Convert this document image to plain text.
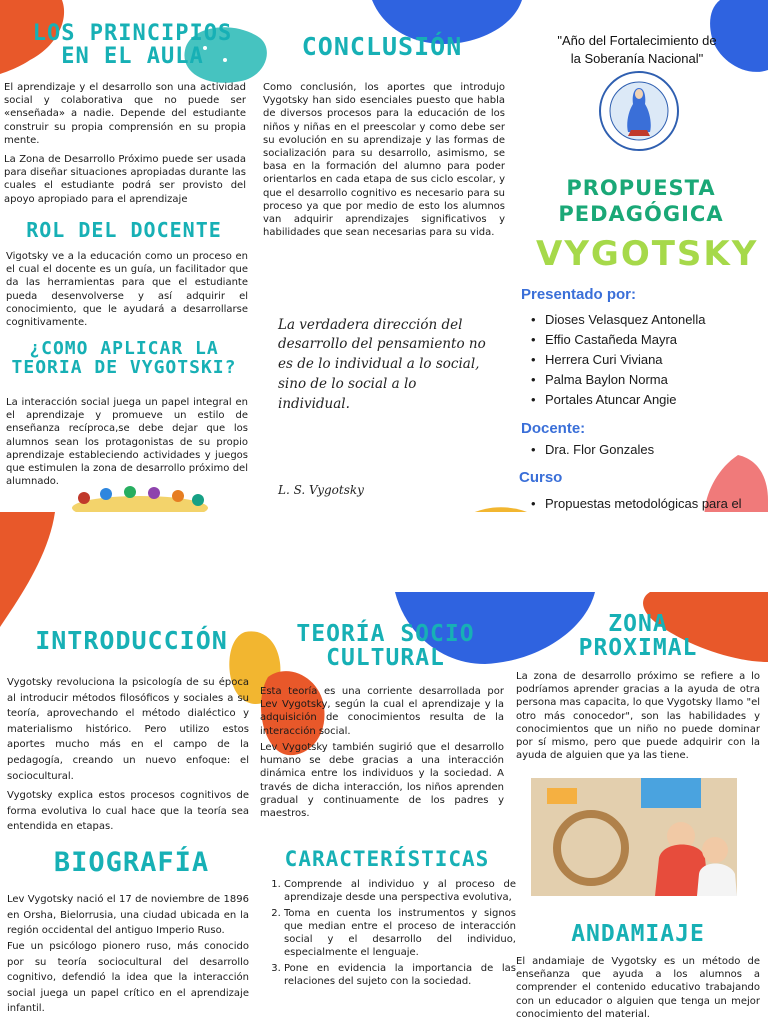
LOS PRINCIPIOS
EN EL AULA

El aprendizaje y el desarrollo son una actividad social y colaborativa que no puede ser «enseñada» a nadie. Depende del estudiante construir su propia comprensión en su propia mente.

La Zona de Desarrollo Próximo puede ser usada para diseñar situaciones apropiadas durante las cuales el estudiante podrá ser provisto del apoyo apropiado para el aprendizaje

ROL DEL DOCENTE

Vigotsky ve a la educación como un proceso en el cual el docente es un guía, un facilitador que da las herramientas para que el estudiante pueda desenvolverse y así adquirir el conocimiento, que le ayudará a desarrollarse cognitivamente.

¿COMO APLICAR LA
TEORIA DE VYGOTSKI?

La interacción social juega un papel integral en el aprendizaje y promueve un estilo de enseñanza recíproca,se debe dejar que los alumnos sean los protagonistas de su propio aprendizaje estableciendo actividades y juegos que estimulen la zona de desarrollo próximo del alumnado.

CONCLUSIÓN

Como conclusión, los aportes que introdujo Vygotsky han sido esenciales puesto que habla de diversos procesos para la educación de los niños y niñas en el preescolar y como debe ser su evolución en su aprendizaje y las formas de socialización para su desarrollo, asimismo, se basa en la formación del alumno para poder orientarlos en cada etapa de sus ciclo escolar, y que el desarrollo cognitivo es necesario para su proceso ya que por medio de esto los alumnos van adquirir aprendizajes significativos y habilidades que sean necesarias para su vida.

La verdadera dirección del desarrollo del pensamiento no es de lo individual a lo social, sino de lo social a lo individual.

L. S. Vygotsky

"Año del Fortalecimiento de
la Soberanía Nacional"

PROPUESTA
PEDAGÓGICA
VYGOTSKY

Presentado por:

• Dioses Velasquez Antonella
• Effio Castañeda Mayra
• Herrera Curi Viviana
• Palma Baylon Norma
• Portales Atuncar Angie

Docente:

• Dra. Flor Gonzales

Curso

• Propuestas metodológicas para el

INTRODUCCIÓN

Vygotsky revoluciona la psicología de su época al introducir métodos filosóficos y sociales a su teoría, aprovechando el método dialéctico y materialismo histórico. Pero utilizo estos aportes mucho más en el campo de la pedagogía, creando un nuevo enfoque: el sociocultural.

Vygotsky explica estos procesos cognitivos de forma evolutiva lo cual hace que la teoría sea entendida en etapas.

BIOGRAFÍA

Lev Vygotsky nació el 17 de noviembre de 1896 en Orsha, Bielorrusia, una ciudad ubicada en la región occidental del antiguo Imperio Ruso.

Fue un psicólogo pionero ruso, más conocido por su teoría sociocultural del desarrollo cognitivo, defendió la idea que la interacción social juega un papel crítico en el aprendizaje infantil.

TEORÍA SOCIO
CULTURAL

Esta teoría es una corriente desarrollada por Lev Vygotsky, según la cual el aprendizaje y la adquisición de conocimientos resulta de la interacción social.

Lev Vygotsky también sugirió que el desarrollo humano se debe gracias a una interacción dinámica entre los individuos y la sociedad. A través de dicha interacción, los niños aprenden gradual y continuamente de los padres y maestros.

CARACTERÍSTICAS
1. Comprende al individuo y al proceso de aprendizaje desde una perspectiva evolutiva,
2. Toma en cuenta los instrumentos y signos que median entre el proceso de interacción social y el desarrollo del individuo, especialmente el lenguaje.
3. Pone en evidencia la importancia de las relaciones del sujeto con la sociedad.
ZONA
PROXIMAL

La zona de desarrollo próximo se refiere a lo podríamos aprender gracias a la ayuda de otra persona mas capacita, lo que Vygotsky llamo "el otro más conocedor", son las habilidades y conocimientos que un niño no puede dominar por sí mismo, pero que puede adquirir con la ayuda de alguien que ya las tiene.

ANDAMIAJE

El andamiaje de Vygotsky es un método de enseñanza que ayuda a los alumnos a comprender el contenido educativo trabajando con un educador o alguien que tenga un mejor conocimiento del material.
